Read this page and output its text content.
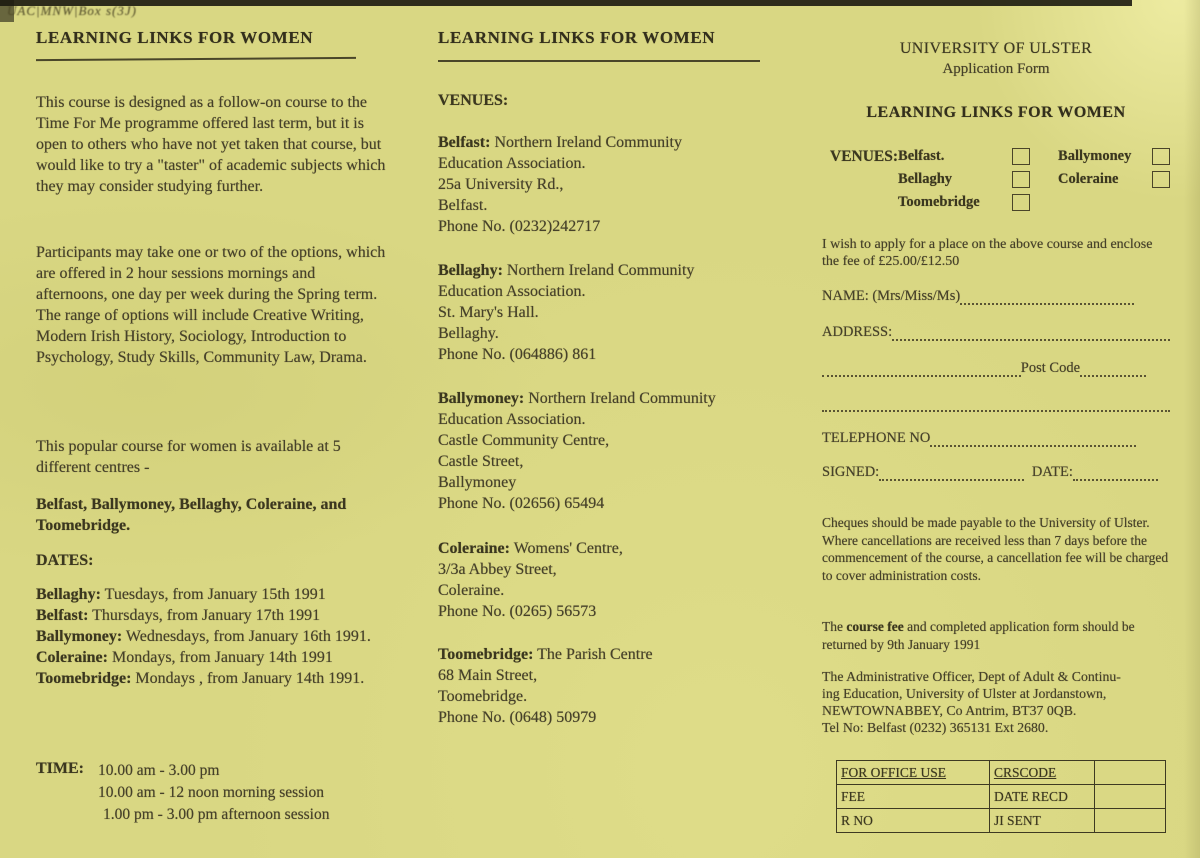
UAC|MNW|Box s(3J)
LEARNING LINKS FOR WOMEN

This course is designed as a follow-on course to the Time For Me programme offered last term, but it is open to others who have not yet taken that course, but would like to try a "taster" of academic subjects which they may consider studying further.

Participants may take one or two of the options, which are offered in 2 hour sessions mornings and afternoons, one day per week during the Spring term. The range of options will include Creative Writing, Modern Irish History, Sociology, Introduction to Psychology, Study Skills, Community Law, Drama.

This popular course for women is available at 5 different centres -

Belfast, Ballymoney, Bellaghy, Coleraine, and Toomebridge.

DATES:
Bellaghy: Tuesdays, from January 15th 1991
Belfast: Thursdays, from January 17th 1991
Ballymoney: Wednesdays, from January 16th 1991.
Coleraine: Mondays, from January 14th 1991
Toomebridge: Mondays , from January 14th 1991.
TIME: 10.00 am - 3.00 pm
10.00 am - 12 noon morning session
1.00 pm - 3.00 pm afternoon session
LEARNING LINKS FOR WOMEN
VENUES:
Belfast: Northern Ireland Community
Education Association.
25a University Rd.,
Belfast.
Phone No. (0232)242717
Bellaghy: Northern Ireland Community
Education Association.
St. Mary's Hall.
Bellaghy.
Phone No. (064886) 861
Ballymoney: Northern Ireland Community
Education Association.
Castle Community Centre,
Castle Street,
Ballymoney
Phone No. (02656) 65494
Coleraine: Womens' Centre,
3/3a Abbey Street,
Coleraine.
Phone No. (0265) 56573
Toomebridge: The Parish Centre
68 Main Street,
Toomebridge.
Phone No. (0648) 50979
UNIVERSITY OF ULSTER
Application Form
LEARNING LINKS FOR WOMEN
VENUES: Belfast.	Ballymoney
Bellaghy	Coleraine
Toomebridge

I wish to apply for a place on the above course and enclose the fee of £25.00/£12.50

NAME: (Mrs/Miss/Ms)
ADDRESS:
Post Code
TELEPHONE NO
SIGNED:	DATE:

Cheques should be made payable to the University of Ulster. Where cancellations are received less than 7 days before the commencement of the course, a cancellation fee will be charged to cover administration costs.

The course fee and completed application form should be returned by 9th January 1991

The Administrative Officer, Dept of Adult & Continu-
ing Education, University of Ulster at Jordanstown,
NEWTOWNABBEY, Co Antrim, BT37 0QB.
Tel No: Belfast (0232) 365131 Ext 2680.
FOR OFFICE USE	CRSCODE	
FEE	DATE RECD	
R NO	JI SENT	
